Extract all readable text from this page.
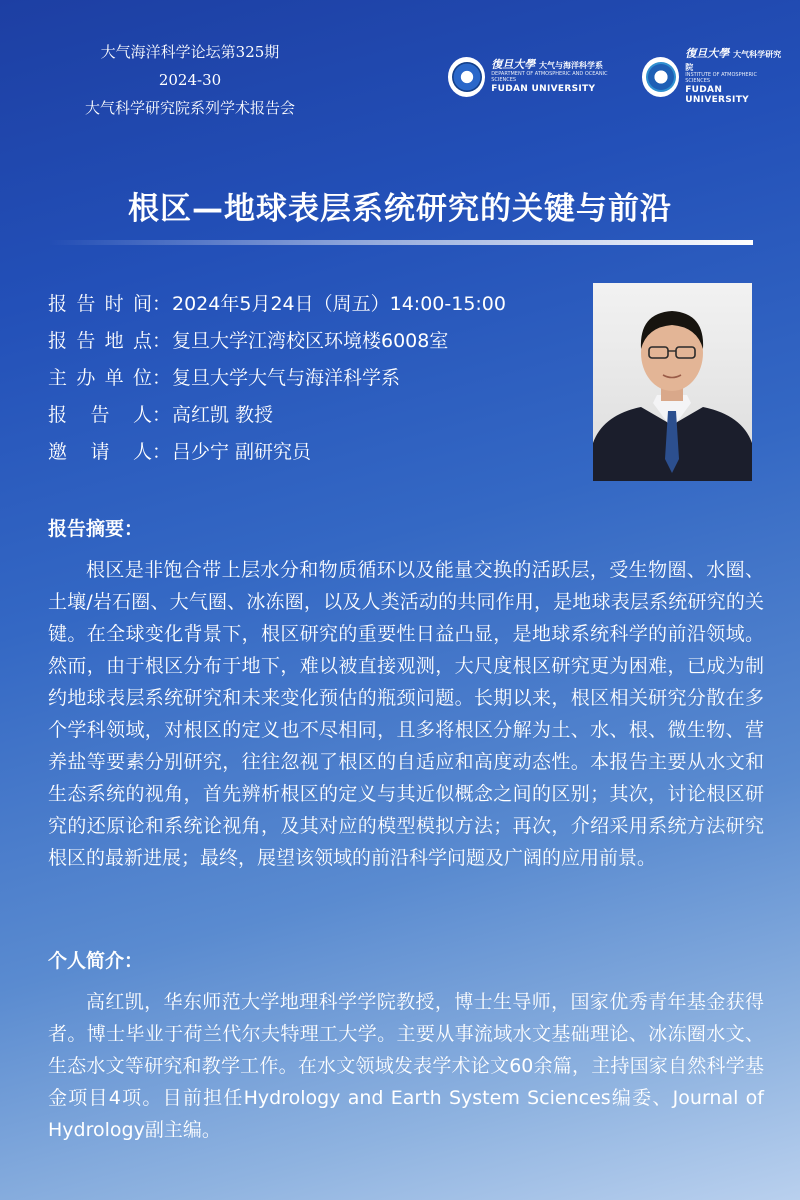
大气海洋科学论坛第325期
2024-30
大气科学研究院系列学术报告会
復旦大學 大气与海洋科学系
DEPARTMENT OF ATMOSPHERIC AND OCEANIC SCIENCES
FUDAN UNIVERSITY
復旦大學 大气科学研究院
INSTITUTE OF ATMOSPHERIC SCIENCES
FUDAN UNIVERSITY
根区—地球表层系统研究的关键与前沿
报告时间 ： 2024年5月24日（周五）14:00-15:00
报告地点 ： 复旦大学江湾校区环境楼6008室
主办单位 ： 复旦大学大气与海洋科学系
报告人 ： 高红凯 教授
邀请人 ： 吕少宁 副研究员
报告摘要：

根区是非饱合带上层水分和物质循环以及能量交换的活跃层，受生物圈、水圈、土壤/岩石圈、大气圈、冰冻圈，以及人类活动的共同作用，是地球表层系统研究的关键。在全球变化背景下，根区研究的重要性日益凸显，是地球系统科学的前沿领域。然而，由于根区分布于地下，难以被直接观测，大尺度根区研究更为困难，已成为制约地球表层系统研究和未来变化预估的瓶颈问题。长期以来，根区相关研究分散在多个学科领域，对根区的定义也不尽相同，且多将根区分解为土、水、根、微生物、营养盐等要素分别研究，往往忽视了根区的自适应和高度动态性。本报告主要从水文和生态系统的视角，首先辨析根区的定义与其近似概念之间的区别；其次，讨论根区研究的还原论和系统论视角，及其对应的模型模拟方法；再次，介绍采用系统方法研究根区的最新进展；最终，展望该领域的前沿科学问题及广阔的应用前景。

个人简介：

高红凯，华东师范大学地理科学学院教授，博士生导师，国家优秀青年基金获得者。博士毕业于荷兰代尔夫特理工大学。主要从事流域水文基础理论、冰冻圈水文、生态水文等研究和教学工作。在水文领域发表学术论文60余篇，主持国家自然科学基金项目4项。目前担任Hydrology and Earth System Sciences编委、Journal of Hydrology副主编。
